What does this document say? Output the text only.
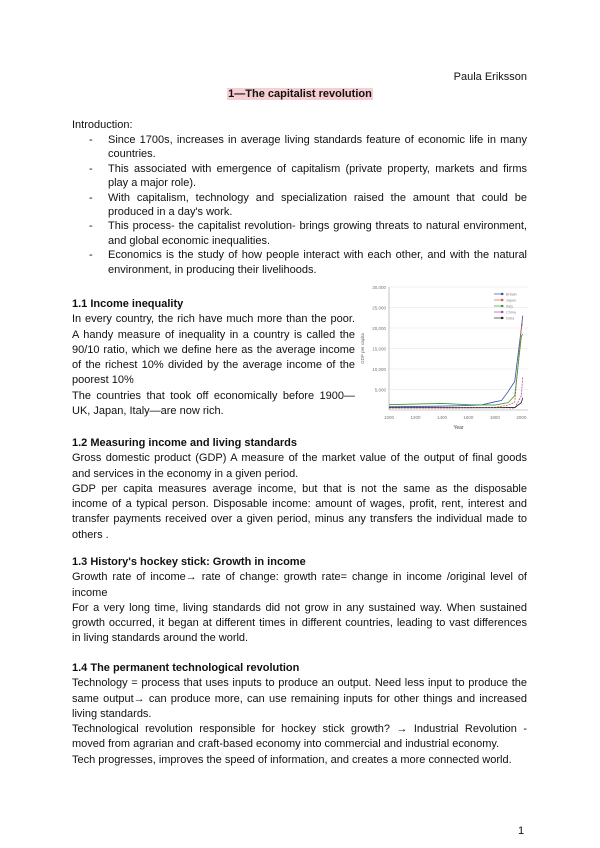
Paula Eriksson
1—The capitalist revolution
Introduction:
- Since 1700s, increases in average living standards feature of economic life in many countries.
- This associated with emergence of capitalism (private property, markets and firms play a major role).
- With capitalism, technology and specialization raised the amount that could be produced in a day's work.
- This process- the capitalist revolution- brings growing threats to natural environment, and global economic inequalities.
- Economics is the study of how people interact with each other, and with the natural environment, in producing their livelihoods.
1.1 Income inequality

In every country, the rich have much more than the poor. A handy measure of inequality in a country is called the 90/10 ratio, which we define here as the average income of the richest 10% divided by the average income of the poorest 10%

The countries that took off economically before 1900—UK, Japan, Italy—are now rich.

5,000
10,000
15,000
20,000
25,000
30,000
1000	1200	1400	1600	1800	2000
Year
GDP per capita
Britain
Japan
Italy
China
India
1.2 Measuring income and living standards

Gross domestic product (GDP) A measure of the market value of the output of final goods and services in the economy in a given period.

GDP per capita measures average income, but that is not the same as the disposable income of a typical person. Disposable income: amount of wages, profit, rent, interest and transfer payments received over a given period, minus any transfers the individual made to others .

1.3 History's hockey stick: Growth in income

Growth rate of income→ rate of change: growth rate= change in income /original level of income

For a very long time, living standards did not grow in any sustained way. When sustained growth occurred, it began at different times in different countries, leading to vast differences in living standards around the world.

1.4 The permanent technological revolution

Technology = process that uses inputs to produce an output. Need less input to produce the same output→ can produce more, can use remaining inputs for other things and increased living standards.

Technological revolution responsible for hockey stick growth? → Industrial Revolution - moved from agrarian and craft-based economy into commercial and industrial economy.

Tech progresses, improves the speed of information, and creates a more connected world.

1
